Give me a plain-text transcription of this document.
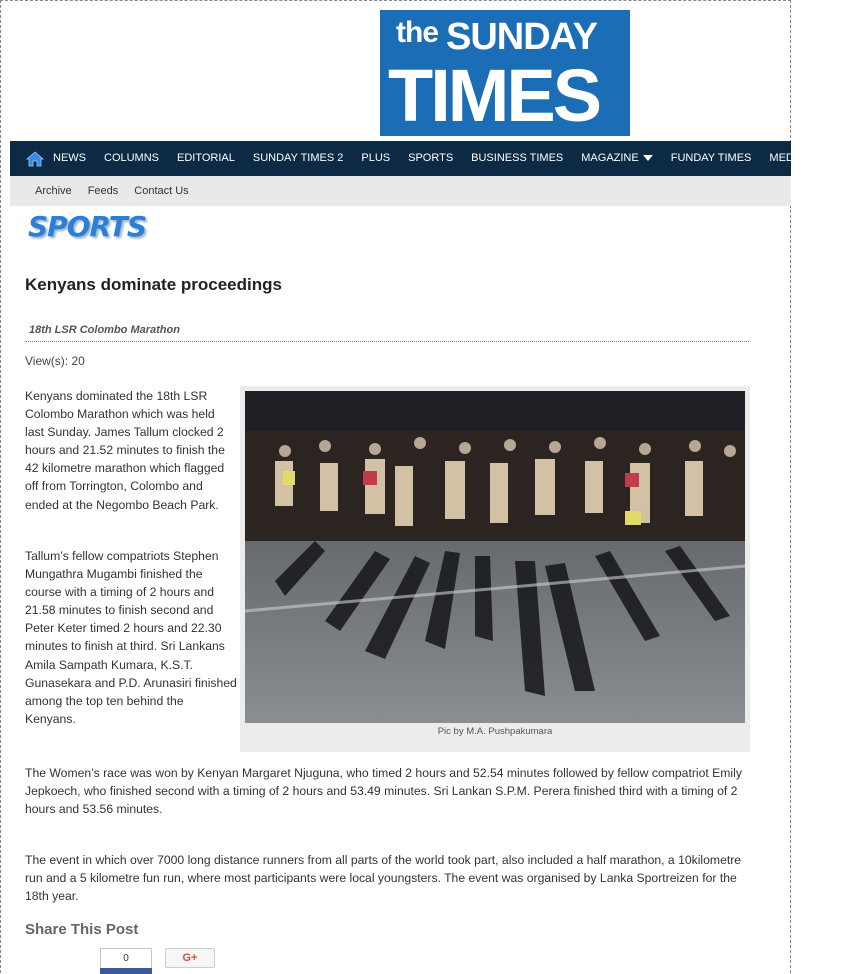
the SUNDAY
TIMES
NEWS	COLUMNS	EDITORIAL	SUNDAY TIMES 2	PLUS	SPORTS	BUSINESS TIMES	MAGAZINE	FUNDAY TIMES	MEDISCENE
Archive	Feeds	Contact Us
SPORTS
Kenyans dominate proceedings
18th LSR Colombo Marathon
View(s): 20
Kenyans dominated the 18th LSR Colombo Marathon which was held last Sunday. James Tallum clocked 2 hours and 21.52 minutes to finish the 42 kilometre marathon which flagged off from Torrington, Colombo and ended at the Negombo Beach Park.
Tallum’s fellow compatriots Stephen Mungathra Mugambi finished the course with a timing of 2 hours and 21.58 minutes to finish second and Peter Keter timed 2 hours and 22.30 minutes to finish at third. Sri Lankans Amila Sampath Kumara, K.S.T. Gunasekara and P.D. Arunasiri finished among the top ten behind the Kenyans.
Pic by M.A. Pushpakumara
The Women’s race was won by Kenyan Margaret Njuguna, who timed 2 hours and 52.54 minutes followed by fellow compatriot Emily Jepkoech, who finished second with a timing of 2 hours and 53.49 minutes. Sri Lankan S.P.M. Perera finished third with a timing of 2 hours and 53.56 minutes.
The event in which over 7000 long distance runners from all parts of the world took part, also included a half marathon, a 10kilometre run and a 5 kilometre fun run, where most participants were local youngsters. The event was organised by Lanka Sportreizen for the 18th year.
Share This Post
0	G+
